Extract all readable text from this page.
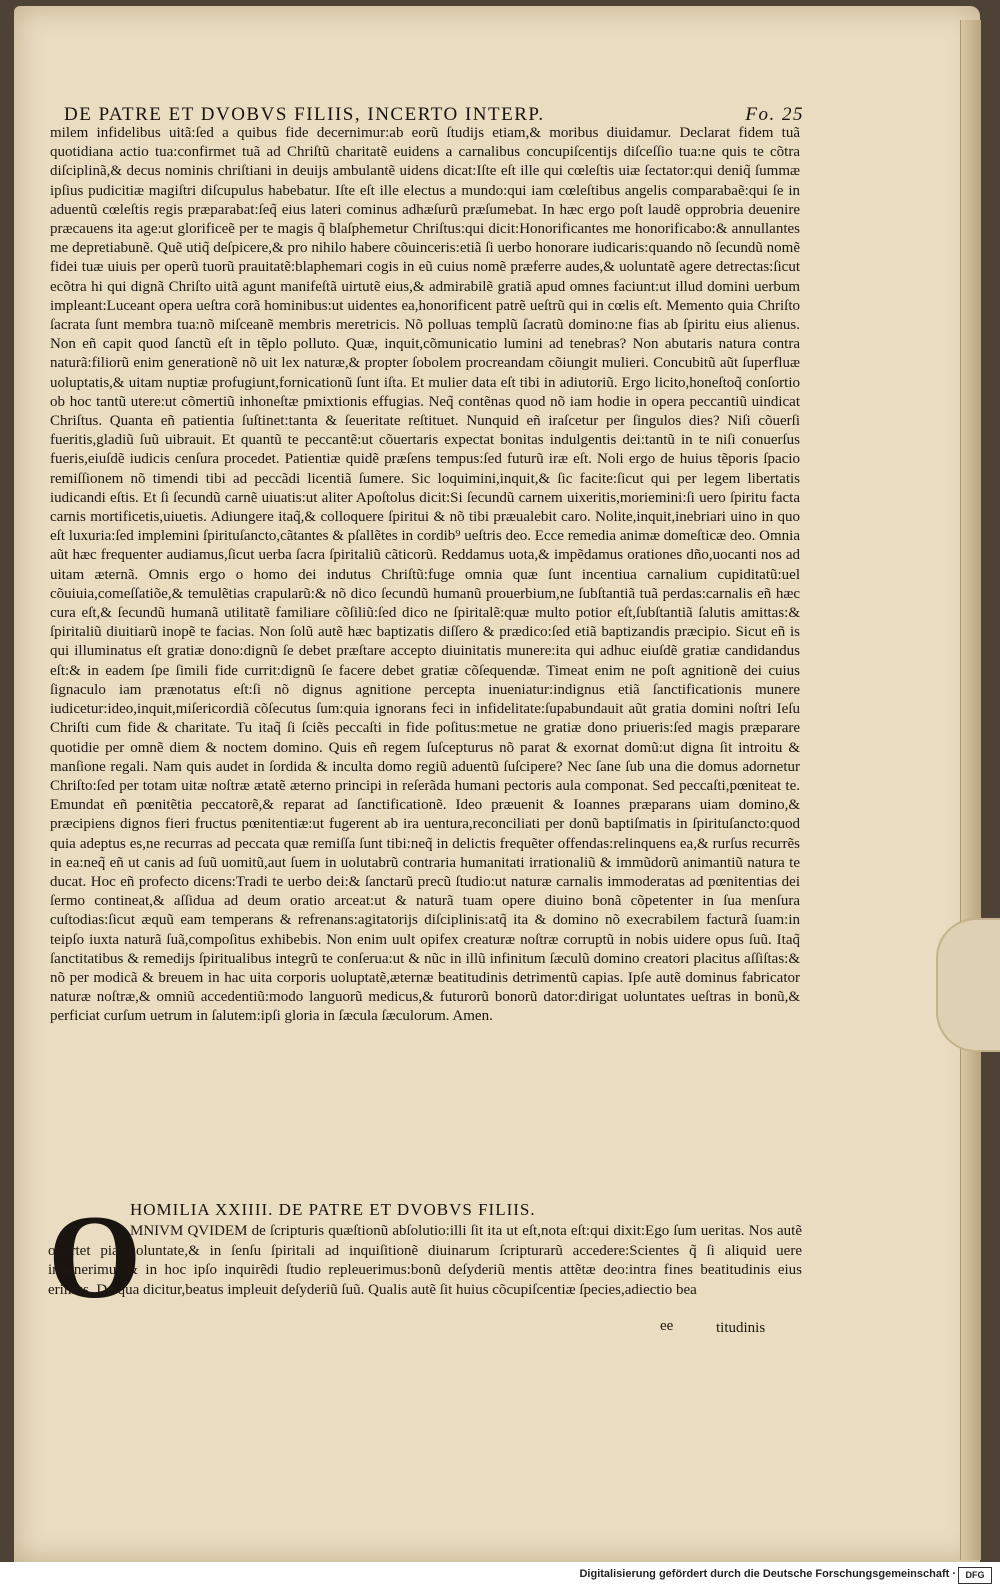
DE PATRE ET DVOBVS FILIIS, INCERTO INTERP.	Fo. 25

milem infidelibus uitã:ſed a quibus fide decernimur:ab eorũ ſtudijs etiam,& moribus diuidamur. Declarat fidem tuã quotidiana actio tua:confirmet tuã ad Chriſtũ charitatẽ euidens a carnalibus concupiſcentijs diſceſſio tua:ne quis te cõtra diſciplinã,& decus nominis chriſtiani in deuijs ambulantẽ uidens dicat:Iſte eſt ille qui cœleſtis uiæ ſectator:qui deniq̃ ſummæ ipſius pudicitiæ magiſtri diſcupulus habebatur. Iſte eſt ille electus a mundo:qui iam cœleſtibus angelis comparabaẽ:qui ſe in aduentũ cœleſtis regis præparabat:ſeq̃ eius lateri cominus adhæſurũ præſumebat. In hæc ergo poſt laudẽ opprobria deuenire præcauens ita age:ut glorificeẽ per te magis q̃ blaſphemetur Chriſtus:qui dicit:Honorificantes me honorificabo:& annullantes me depretiabunẽ. Quẽ utiq̃ deſpicere,& pro nihilo habere cõuinceris:etiã ſi uerbo honorare iudicaris:quando nõ ſecundũ nomẽ fidei tuæ uiuis per operũ tuorũ prauitatẽ:blaphemari cogis in eũ cuius nomẽ præferre audes,& uoluntatẽ agere detrectas:ſicut ecõtra hi qui dignã Chriſto uitã agunt manifeſtã uirtutẽ eius,& admirabilẽ gratiã apud omnes faciunt:ut illud domini uerbum impleant:Luceant opera ueſtra corã hominibus:ut uidentes ea,honorificent patrẽ ueſtrũ qui in cœlis eſt. Memento quia Chriſto ſacrata ſunt membra tua:nõ miſceanẽ membris meretricis. Nõ polluas templũ ſacratũ domino:ne fias ab ſpiritu eius alienus. Non eñ capit quod ſanctũ eſt in tẽplo polluto. Quæ, inquit,cõmunicatio lumini ad tenebras? Non abutaris natura contra naturã:filiorũ enim generationẽ nõ uit lex naturæ,& propter ſobolem procreandam cõiungit mulieri. Concubitũ aũt ſuperfluæ uoluptatis,& uitam nuptiæ profugiunt,fornicationũ ſunt iſta. Et mulier data eſt tibi in adiutoriũ. Ergo licito,honeſtoq̃ conſortio ob hoc tantũ utere:ut cõmertiũ inhoneſtæ pmixtionis effugias. Neq̃ contẽnas quod nõ iam hodie in opera peccantiũ uindicat Chriſtus. Quanta eñ patientia ſuſtinet:tanta & ſeueritate reſtituet. Nunquid eñ iraſcetur per ſingulos dies? Niſi cõuerſi fueritis,gladiũ ſuũ uibrauit. Et quantũ te peccantẽ:ut cõuertaris expectat bonitas indulgentis dei:tantũ in te niſi conuerſus fueris,eiuſdẽ iudicis cenſura procedet. Patientiæ quidẽ præſens tempus:ſed futurũ iræ eſt. Noli ergo de huius tẽporis ſpacio remiſſionem nõ timendi tibi ad peccãdi licentiã ſumere. Sic loquimini,inquit,& ſic facite:ſicut qui per legem libertatis iudicandi eſtis. Et ſi ſecundũ carnẽ uiuatis:ut aliter Apoſtolus dicit:Si ſecundũ carnem uixeritis,moriemini:ſi uero ſpiritu facta carnis mortificetis,uiuetis. Adiungere itaq̃,& colloquere ſpiritui & nõ tibi præualebit caro. Nolite,inquit,inebriari uino in quo eſt luxuria:ſed implemini ſpirituſancto,cãtantes & pſallẽtes in cordib⁹ ueſtris deo. Ecce remedia animæ domeſticæ deo. Omnia aũt hæc frequenter audiamus,ſicut uerba ſacra ſpiritaliũ cãticorũ. Reddamus uota,& impẽdamus orationes dño,uocanti nos ad uitam æternã. Omnis ergo o homo dei indutus Chriſtũ:fuge omnia quæ ſunt incentiua carnalium cupiditatũ:uel cõuiuia,comeſſatiõe,& temulẽtias crapularũ:& nõ dico ſecundũ humanũ prouerbium,ne ſubſtantiã tuã perdas:carnalis eñ hæc cura eſt,& ſecundũ humanã utilitatẽ familiare cõſiliũ:ſed dico ne ſpiritalẽ:quæ multo potior eſt,ſubſtantiã ſalutis amittas:& ſpiritaliũ diuitiarũ inopẽ te facias. Non ſolũ autẽ hæc baptizatis diſſero & prædico:ſed etiã baptizandis præcipio. Sicut eñ is qui illuminatus eſt gratiæ dono:dignũ ſe debet præſtare accepto diuinitatis munere:ita qui adhuc eiuſdẽ gratiæ candidandus eſt:& in eadem ſpe ſimili fide currit:dignũ ſe facere debet gratiæ cõſequendæ. Timeat enim ne poſt agnitionẽ dei cuius ſignaculo iam prænotatus eſt:ſi nõ dignus agnitione percepta inueniatur:indignus etiã ſanctificationis munere iudicetur:ideo,inquit,miſericordiã cõſecutus ſum:quia ignorans feci in infidelitate:ſupabundauit aũt gratia domini noſtri Ieſu Chriſti cum fide & charitate. Tu itaq̃ ſi ſciẽs peccaſti in fide poſitus:metue ne gratiæ dono priueris:ſed magis præparare quotidie per omnẽ diem & noctem domino. Quis eñ regem ſuſcepturus nõ parat & exornat domũ:ut digna ſit introitu & manſione regali. Nam quis audet in ſordida & inculta domo regiũ aduentũ ſuſcipere? Nec ſane ſub una die domus adornetur Chriſto:ſed per totam uitæ noſtræ ætatẽ æterno principi in reſerãda humani pectoris aula componat. Sed peccaſti,pœniteat te. Emundat eñ pœnitẽtia peccatorẽ,& reparat ad ſanctificationẽ. Ideo præuenit & Ioannes præparans uiam domino,& præcipiens dignos fieri fructus pœnitentiæ:ut fugerent ab ira uentura,reconciliati per donũ baptiſmatis in ſpirituſancto:quod quia adeptus es,ne recurras ad peccata quæ remiſſa ſunt tibi:neq̃ in delictis frequẽter offendas:relinquens ea,& rurſus recurrẽs in ea:neq̃ eñ ut canis ad ſuũ uomitũ,aut ſuem in uolutabrũ contraria humanitati irrationaliũ & immũdorũ animantiũ natura te ducat. Hoc eñ profecto dicens:Tradi te uerbo dei:& ſanctarũ precũ ſtudio:ut naturæ carnalis immoderatas ad pœnitentias dei ſermo contineat,& aſſidua ad deum oratio arceat:ut & naturã tuam opere diuino bonã cõpetenter in ſua menſura cuſtodias:ſicut æquũ eam temperans & refrenans:agitatorijs diſciplinis:atq̃ ita & domino nõ execrabilem facturã ſuam:in teipſo iuxta naturã ſuã,compoſitus exhibebis. Non enim uult opifex creaturæ noſtræ corruptũ in nobis uidere opus ſuũ. Itaq̃ ſanctitatibus & remedijs ſpiritualibus integrũ te conſerua:ut & nũc in illũ infinitum ſæculũ domino creatori placitus aſſiſtas:& nõ per modicã & breuem in hac uita corporis uoluptatẽ,æternæ beatitudinis detrimentũ capias. Ipſe autẽ dominus fabricator naturæ noſtræ,& omniũ accedentiũ:modo languorũ medicus,& futurorũ bonorũ dator:dirigat uoluntates ueſtras in bonũ,& perficiat curſum uetrum in ſalutem:ipſi gloria in ſæcula ſæculorum. Amen.

O
HOMILIA XXIIII. DE PATRE ET DVOBVS FILIIS.
MNIVM QVIDEM de ſcripturis quæſtionũ abſolutio:illi ſit ita ut eſt,nota eſt:qui dixit:Ego ſum ueritas. Nos autẽ oportet pia uoluntate,& in ſenſu ſpiritali ad inquiſitionẽ diuinarum ſcripturarũ accedere:Scientes q̃ ſi aliquid uere inuenerimus:& in hoc ipſo inquirẽdi ſtudio repleuerimus:bonũ deſyderiũ mentis attẽtæ deo:intra fines beatitudinis eius erimus. De qua dicitur,beatus impleuit deſyderiũ ſuũ. Qualis autẽ ſit huius cõcupiſcentiæ ſpecies,adiectio bea
ee	titudinis
Digitalisierung gefördert durch die Deutsche Forschungsgemeinschaft ·	DFG
